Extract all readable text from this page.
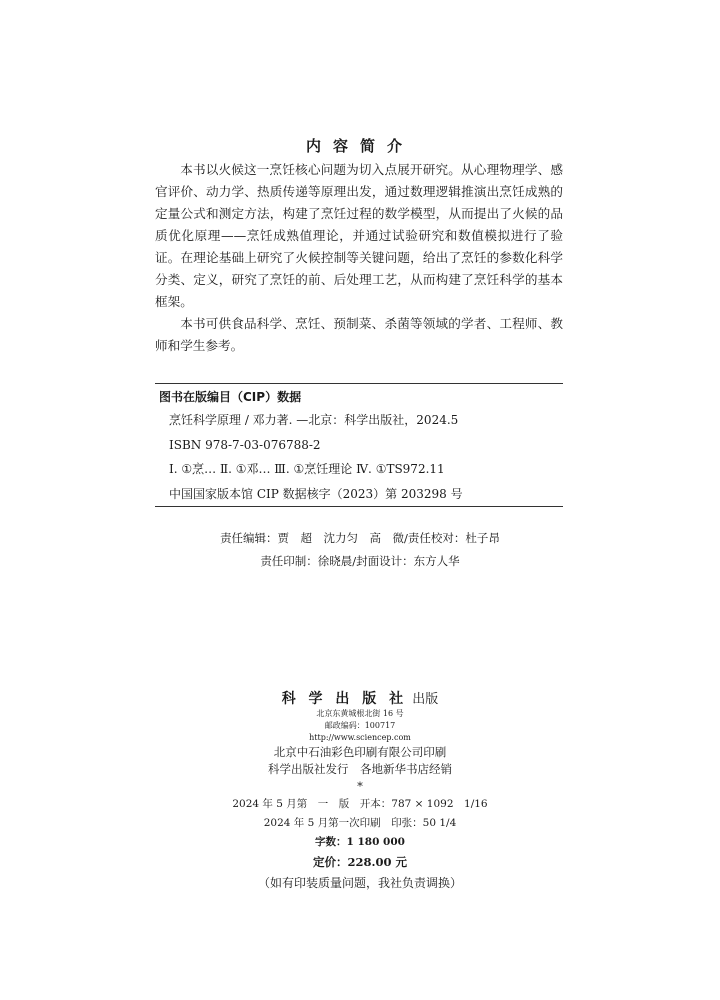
内容简介

本书以火候这一烹饪核心问题为切入点展开研究。从心理物理学、感官评价、动力学、热质传递等原理出发，通过数理逻辑推演出烹饪成熟的定量公式和测定方法，构建了烹饪过程的数学模型，从而提出了火候的品质优化原理——烹饪成熟值理论，并通过试验研究和数值模拟进行了验证。在理论基础上研究了火候控制等关键问题，给出了烹饪的参数化科学分类、定义，研究了烹饪的前、后处理工艺，从而构建了烹饪科学的基本框架。

本书可供食品科学、烹饪、预制菜、杀菌等领域的学者、工程师、教师和学生参考。

图书在版编目（CIP）数据
烹饪科学原理 / 邓力著. —北京：科学出版社，2024.5
ISBN 978-7-03-076788-2
Ⅰ. ①烹… Ⅱ. ①邓… Ⅲ. ①烹饪理论 Ⅳ. ①TS972.11
中国国家版本馆 CIP 数据核字（2023）第 203298 号
责任编辑：贾　超　沈力匀　高　微/责任校对：杜子昂
责任印制：徐晓晨/封面设计：东方人华
科 学 出 版 社 出版
北京东黄城根北街 16 号
邮政编码：100717
http://www.sciencep.com
北京中石油彩色印刷有限公司印刷
科学出版社发行　各地新华书店经销
*
2024 年 5 月第　一　版　开本：787 × 1092　1/16
2024 年 5 月第一次印刷　印张：50 1/4
字数：1 180 000
定价：228.00 元
（如有印装质量问题，我社负责调换）
